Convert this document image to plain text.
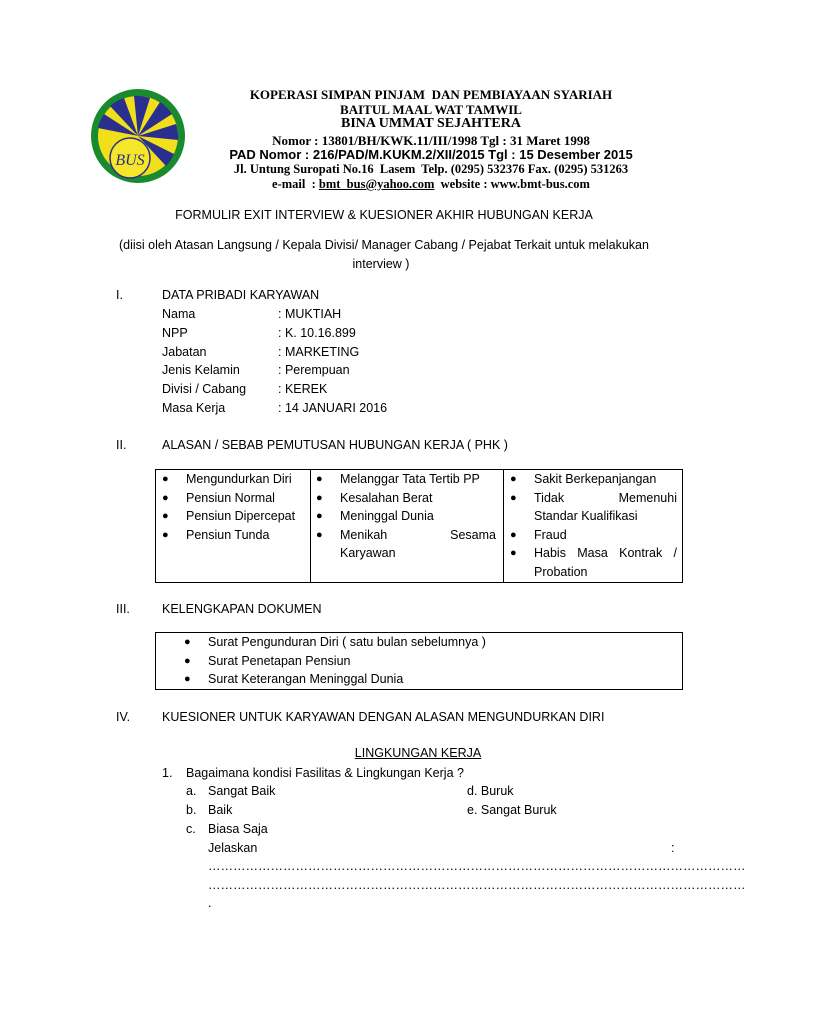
BUS
KOPERASI SIMPAN PINJAM  DAN PEMBIAYAAN SYARIAH
BAITUL MAAL WAT TAMWIL
BINA UMMAT SEJAHTERA
Nomor : 13801/BH/KWK.11/III/1998 Tgl : 31 Maret 1998
PAD Nomor : 216/PAD/M.KUKM.2/XII/2015 Tgl : 15 Desember 2015
Jl. Untung Suropati No.16  Lasem  Telp. (0295) 532376 Fax. (0295) 531263
e-mail  : bmt_bus@yahoo.com  website : www.bmt-bus.com
FORMULIR EXIT INTERVIEW & KUESIONER AKHIR HUBUNGAN KERJA
(diisi oleh Atasan Langsung / Kepala Divisi/ Manager Cabang / Pejabat Terkait untuk melakukan
interview )
I.	DATA PRIBADI KARYAWAN
Nama	: MUKTIAH
NPP	: K. 10.16.899
Jabatan	: MARKETING
Jenis Kelamin	: Perempuan
Divisi / Cabang	: KEREK
Masa Kerja	: 14 JANUARI 2016
II.	ALASAN / SEBAB PEMUTUSAN HUBUNGAN KERJA ( PHK )
● Mengundurkan Diri
● Pensiun Normal
● Pensiun Dipercepat
● Pensiun Tunda
● Melanggar Tata Tertib PP
● Kesalahan Berat
● Meninggal Dunia
● Menikah	Sesama
Karyawan
● Sakit Berkepanjangan
● Tidak	Memenuhi
Standar Kualifikasi
● Fraud
● Habis Masa Kontrak /
Probation
III.	KELENGKAPAN DOKUMEN
● Surat Pengunduran Diri ( satu bulan sebelumnya )
● Surat Penetapan Pensiun
● Surat Keterangan Meninggal Dunia
IV.	KUESIONER UNTUK KARYAWAN DENGAN ALASAN MENGUNDURKAN DIRI
LINGKUNGAN KERJA
1. Bagaimana kondisi Fasilitas & Lingkungan Kerja ?
a. Sangat Baik	d. Buruk
b. Baik	e. Sangat Buruk
c. Biasa Saja
Jelaskan	:
…………………………………………………………………………………………………………………
…………………………………………………………………………………………………………………
.
